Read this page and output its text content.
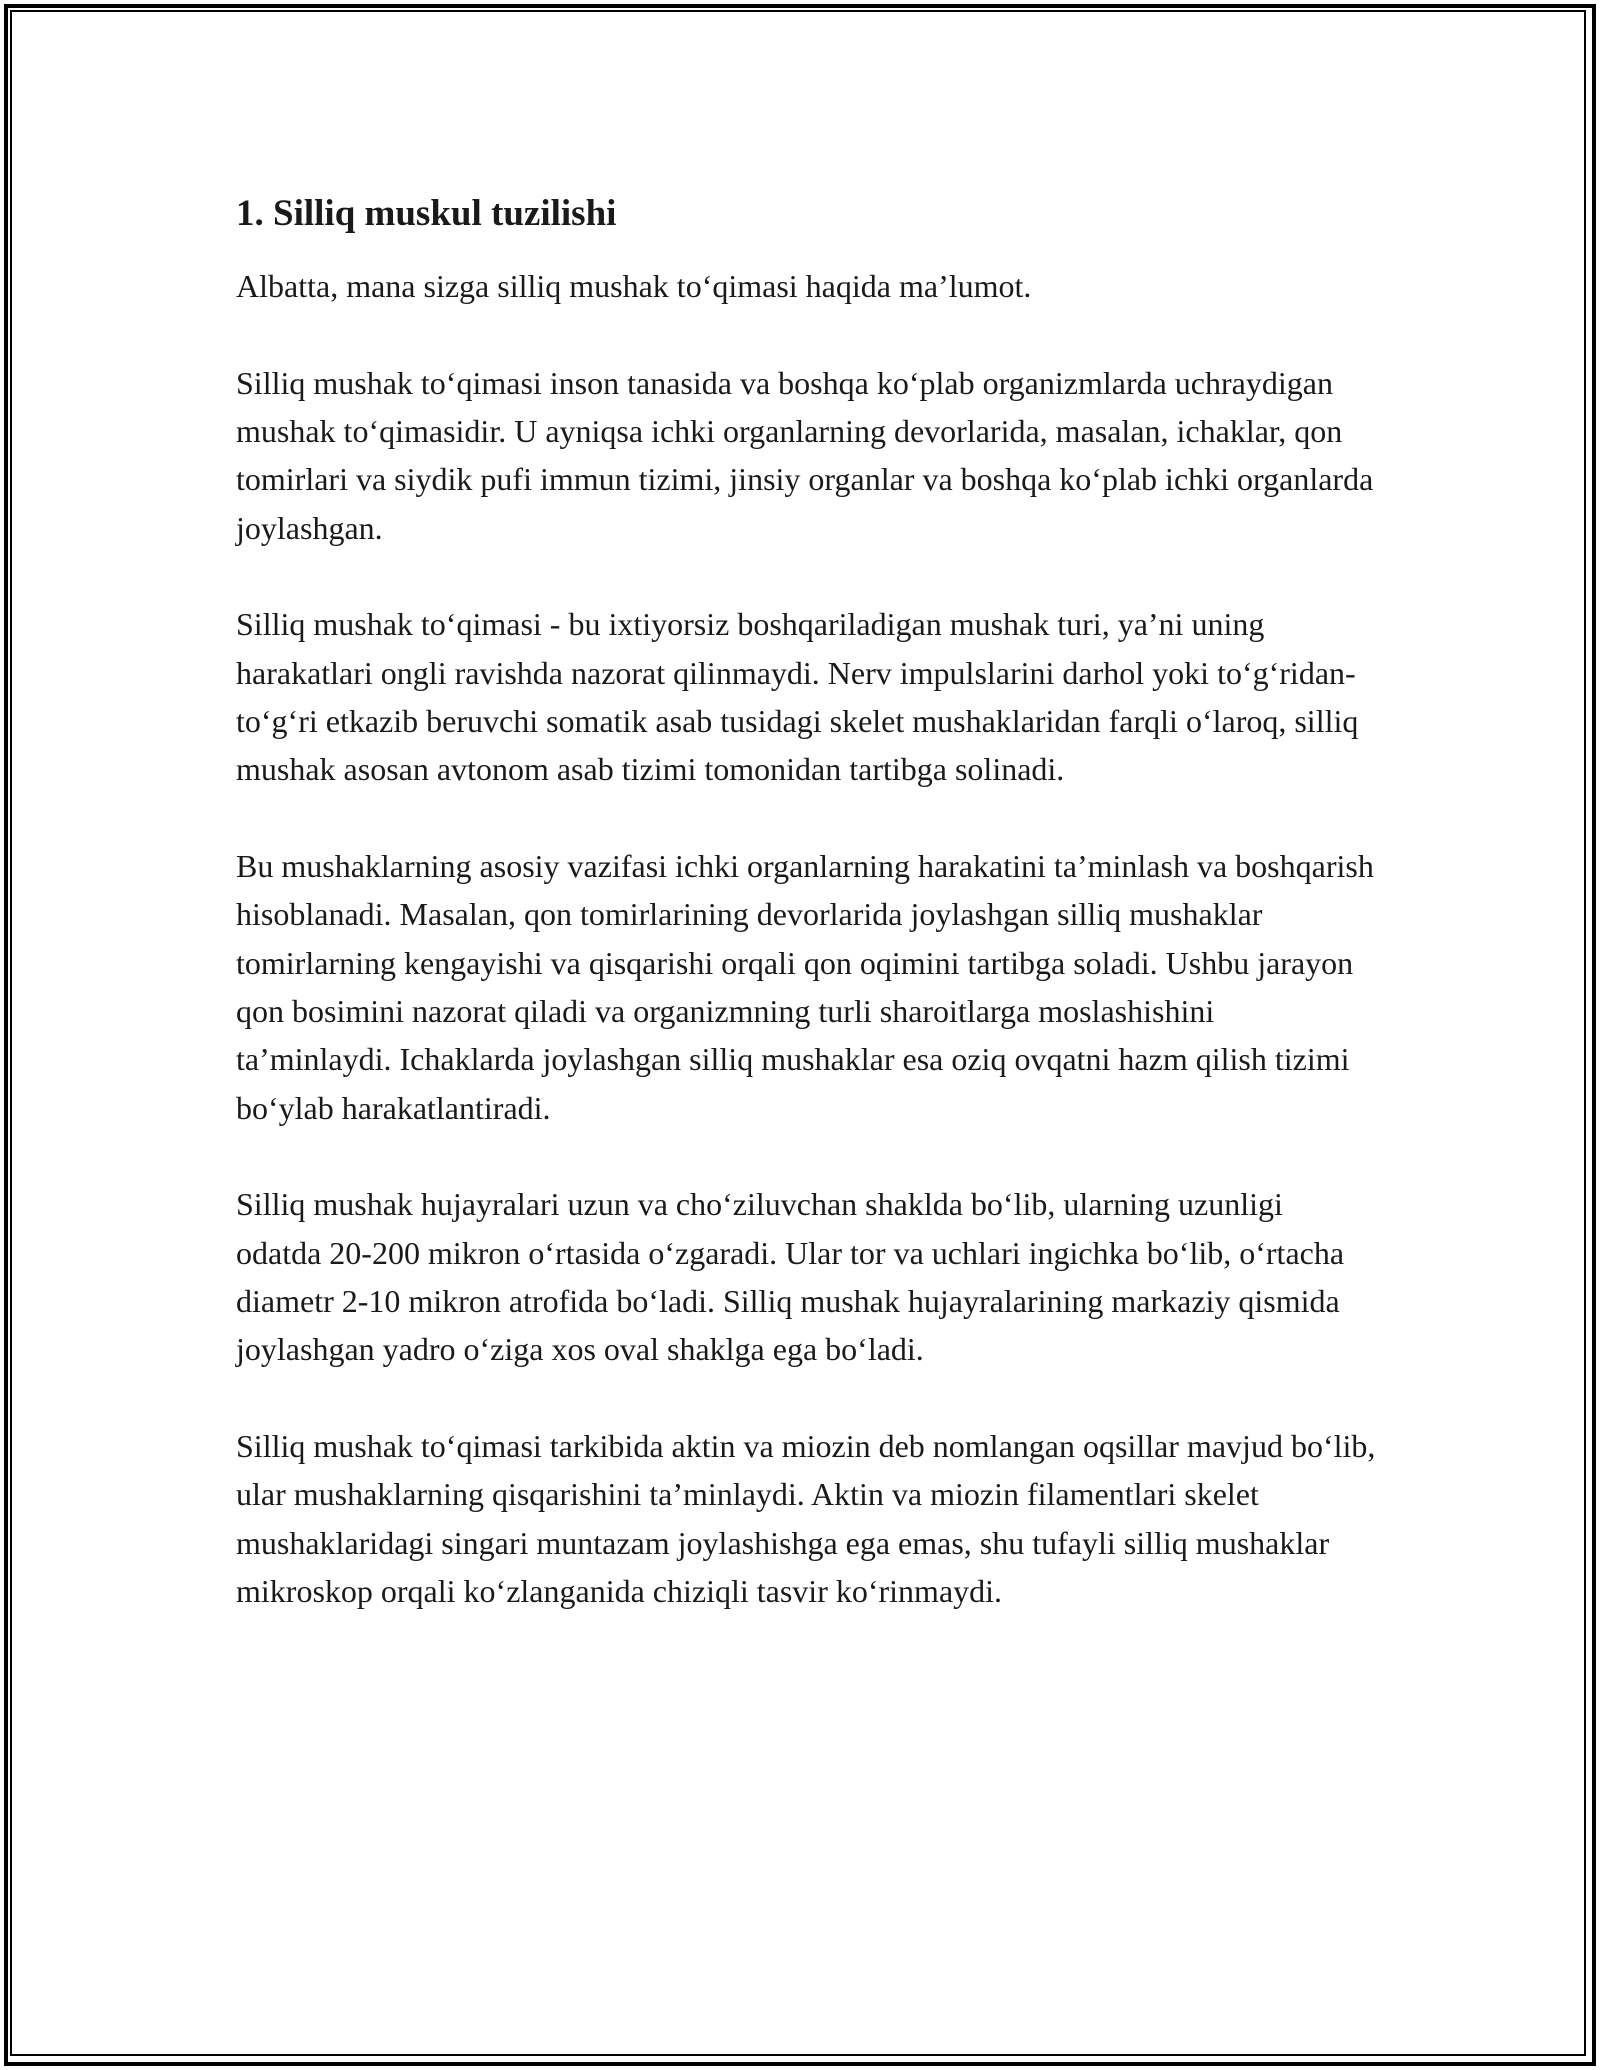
1. Silliq muskul tuzilishi

Albatta, mana sizga silliq mushak to‘qimasi haqida ma’lumot.

Silliq mushak to‘qimasi inson tanasida va boshqa ko‘plab organizmlarda uchraydigan mushak to‘qimasidir. U ayniqsa ichki organlarning devorlarida, masalan, ichaklar, qon tomirlari va siydik pufi immun tizimi, jinsiy organlar va boshqa ko‘plab ichki organlarda joylashgan.

Silliq mushak to‘qimasi - bu ixtiyorsiz boshqariladigan mushak turi, ya’ni uning harakatlari ongli ravishda nazorat qilinmaydi. Nerv impulslarini darhol yoki to‘g‘ridan-to‘g‘ri etkazib beruvchi somatik asab tusidagi skelet mushaklaridan farqli o‘laroq, silliq mushak asosan avtonom asab tizimi tomonidan tartibga solinadi.

Bu mushaklarning asosiy vazifasi ichki organlarning harakatini ta’minlash va boshqarish hisoblanadi. Masalan, qon tomirlarining devorlarida joylashgan silliq mushaklar tomirlarning kengayishi va qisqarishi orqali qon oqimini tartibga soladi. Ushbu jarayon qon bosimini nazorat qiladi va organizmning turli sharoitlarga moslashishini ta’minlaydi. Ichaklarda joylashgan silliq mushaklar esa oziq ovqatni hazm qilish tizimi bo‘ylab harakatlantiradi.

Silliq mushak hujayralari uzun va cho‘ziluvchan shaklda bo‘lib, ularning uzunligi odatda 20-200 mikron o‘rtasida o‘zgaradi. Ular tor va uchlari ingichka bo‘lib, o‘rtacha diametr 2-10 mikron atrofida bo‘ladi. Silliq mushak hujayralarining markaziy qismida joylashgan yadro o‘ziga xos oval shaklga ega bo‘ladi.

Silliq mushak to‘qimasi tarkibida aktin va miozin deb nomlangan oqsillar mavjud bo‘lib, ular mushaklarning qisqarishini ta’minlaydi. Aktin va miozin filamentlari skelet mushaklaridagi singari muntazam joylashishga ega emas, shu tufayli silliq mushaklar mikroskop orqali ko‘zlanganida chiziqli tasvir ko‘rinmaydi.
